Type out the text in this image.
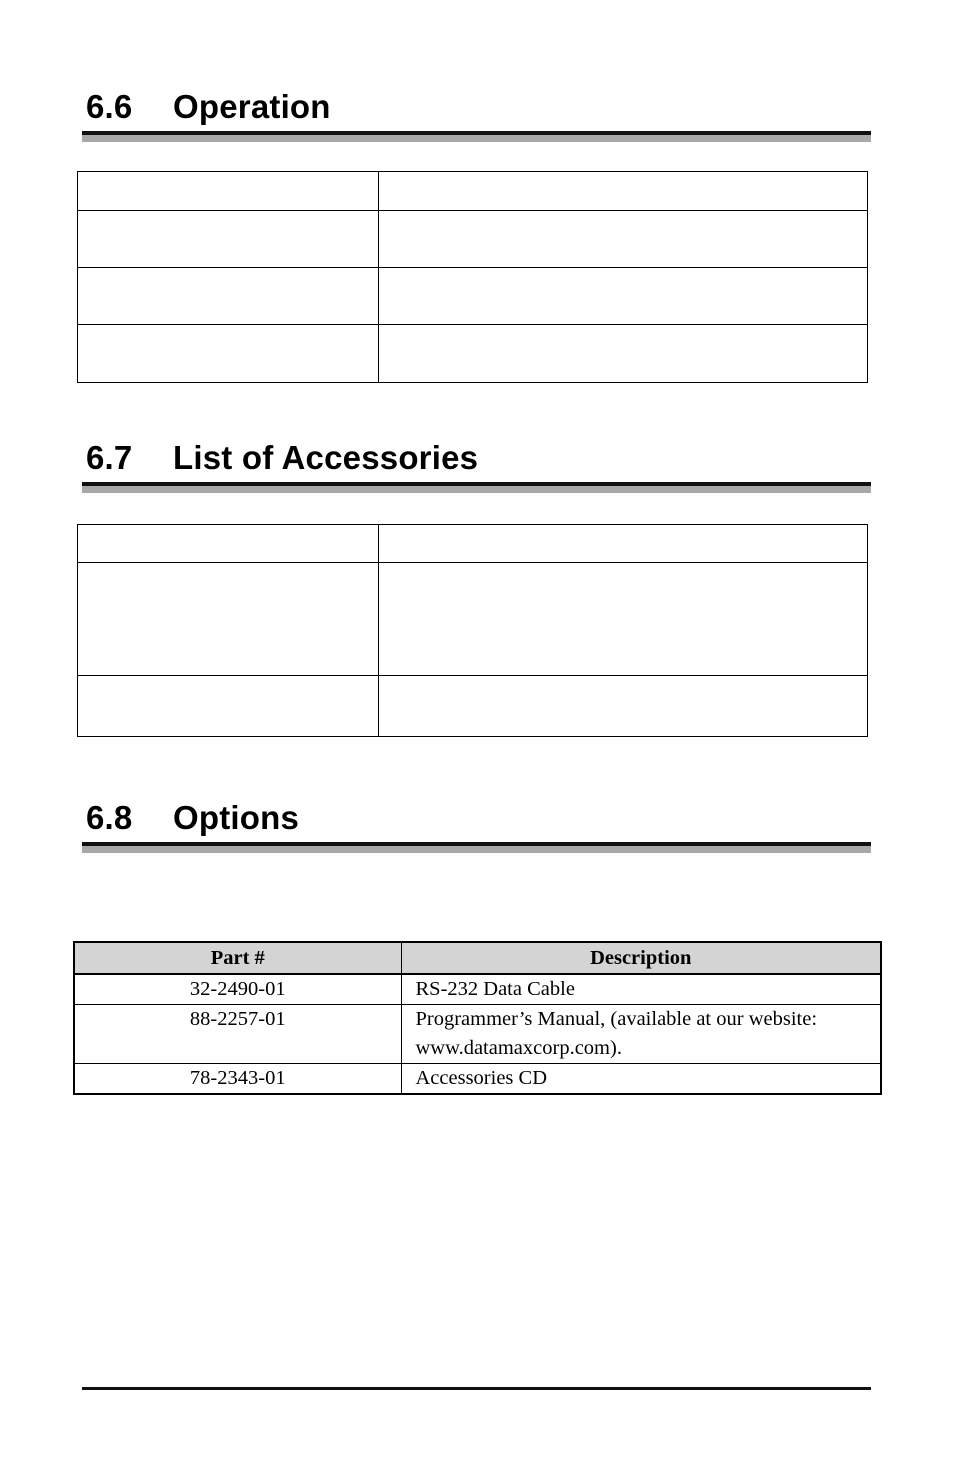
6.6 Operation

6.7 List of Accessories

6.8 Options
Part #	Description
32-2490-01	RS-232 Data Cable
88-2257-01	Programmer’s Manual, (available at our website: www.datamaxcorp.com).
78-2343-01	Accessories CD
